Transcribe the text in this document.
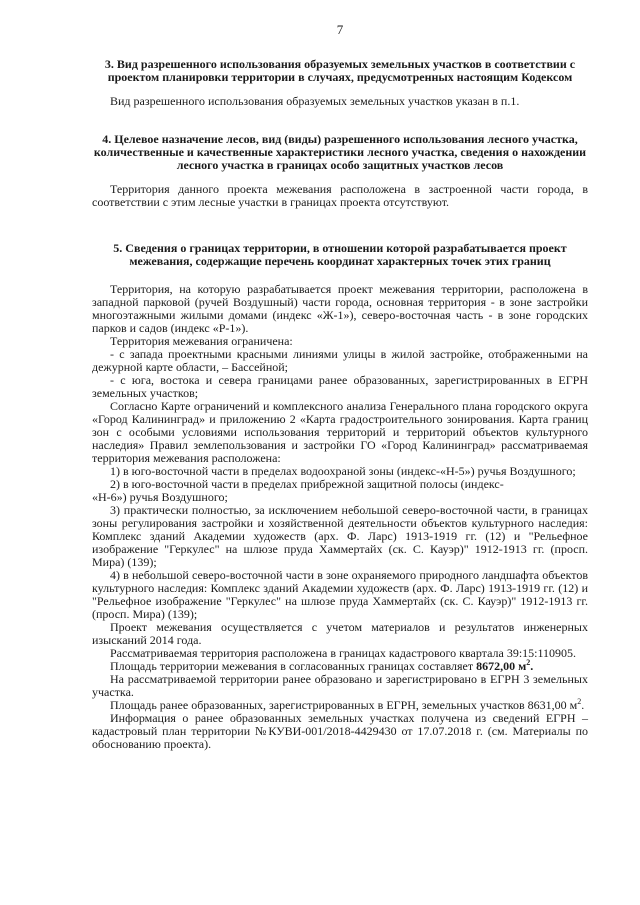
7
3. Вид разрешенного использования образуемых земельных участков в соответствии с проектом планировки территории в случаях, предусмотренных настоящим Кодексом

Вид разрешенного использования образуемых земельных участков указан в п.1.

4. Целевое назначение лесов, вид (виды) разрешенного использования лесного участка, количественные и качественные характеристики лесного участка, сведения о нахождении лесного участка в границах особо защитных участков лесов

Территория данного проекта межевания расположена в застроенной части города, в соответствии с этим лесные участки в границах проекта отсутствуют.

5. Сведения о границах территории, в отношении которой разрабатывается проект межевания, содержащие перечень координат характерных точек этих границ

Территория, на которую разрабатывается проект межевания территории, расположена в западной парковой (ручей Воздушный) части города, основная территория - в зоне застройки многоэтажными жилыми домами (индекс «Ж-1»), северо-восточная часть - в зоне городских парков и садов (индекс «Р-1»).

Территория межевания ограничена:

- с запада проектными красными линиями улицы в жилой застройке, отображенными на дежурной карте области, – Бассейной;

- с юга, востока и севера границами ранее образованных, зарегистрированных в ЕГРН земельных участков;

Согласно Карте ограничений и комплексного анализа Генерального плана городского округа «Город Калининград» и приложению 2 «Карта градостроительного зонирования. Карта границ зон с особыми условиями использования территорий и территорий объектов культурного наследия» Правил землепользования и застройки ГО «Город Калининград» рассматриваемая территория межевания расположена:

1) в юго-восточной части в пределах водоохраной зоны (индекс-«Н-5») ручья Воздушного;

2) в юго-восточной части в пределах прибрежной защитной полосы (индекс-

«Н-6») ручья Воздушного;

3) практически полностью, за исключением небольшой северо-восточной части, в границах зоны регулирования застройки и хозяйственной деятельности объектов культурного наследия: Комплекс зданий Академии художеств (арх. Ф. Ларс) 1913-1919 гг. (12) и "Рельефное изображение "Геркулес" на шлюзе пруда Хаммертайх (ск. С. Кауэр)" 1912-1913 гг. (просп. Мира) (139);

4) в небольшой северо-восточной части в зоне охраняемого природного ландшафта объектов культурного наследия: Комплекс зданий Академии художеств (арх. Ф. Ларс) 1913-1919 гг. (12) и "Рельефное изображение "Геркулес" на шлюзе пруда Хаммертайх (ск. С. Кауэр)" 1912-1913 гг. (просп. Мира) (139);

Проект межевания осуществляется с учетом материалов и результатов инженерных изысканий 2014 года.

Рассматриваемая территория расположена в границах кадастрового квартала 39:15:110905.

Площадь территории межевания в согласованных границах составляет 8672,00 $м^2$.

На рассматриваемой территории ранее образовано и зарегистрировано в ЕГРН 3 земельных участка.

Площадь ранее образованных, зарегистрированных в ЕГРН, земельных участков 8631,00 $м^2$.

Информация о ранее образованных земельных участках получена из сведений ЕГРН – кадастровый план территории №КУВИ-001/2018-4429430 от 17.07.2018 г. (см. Материалы по обоснованию проекта).
